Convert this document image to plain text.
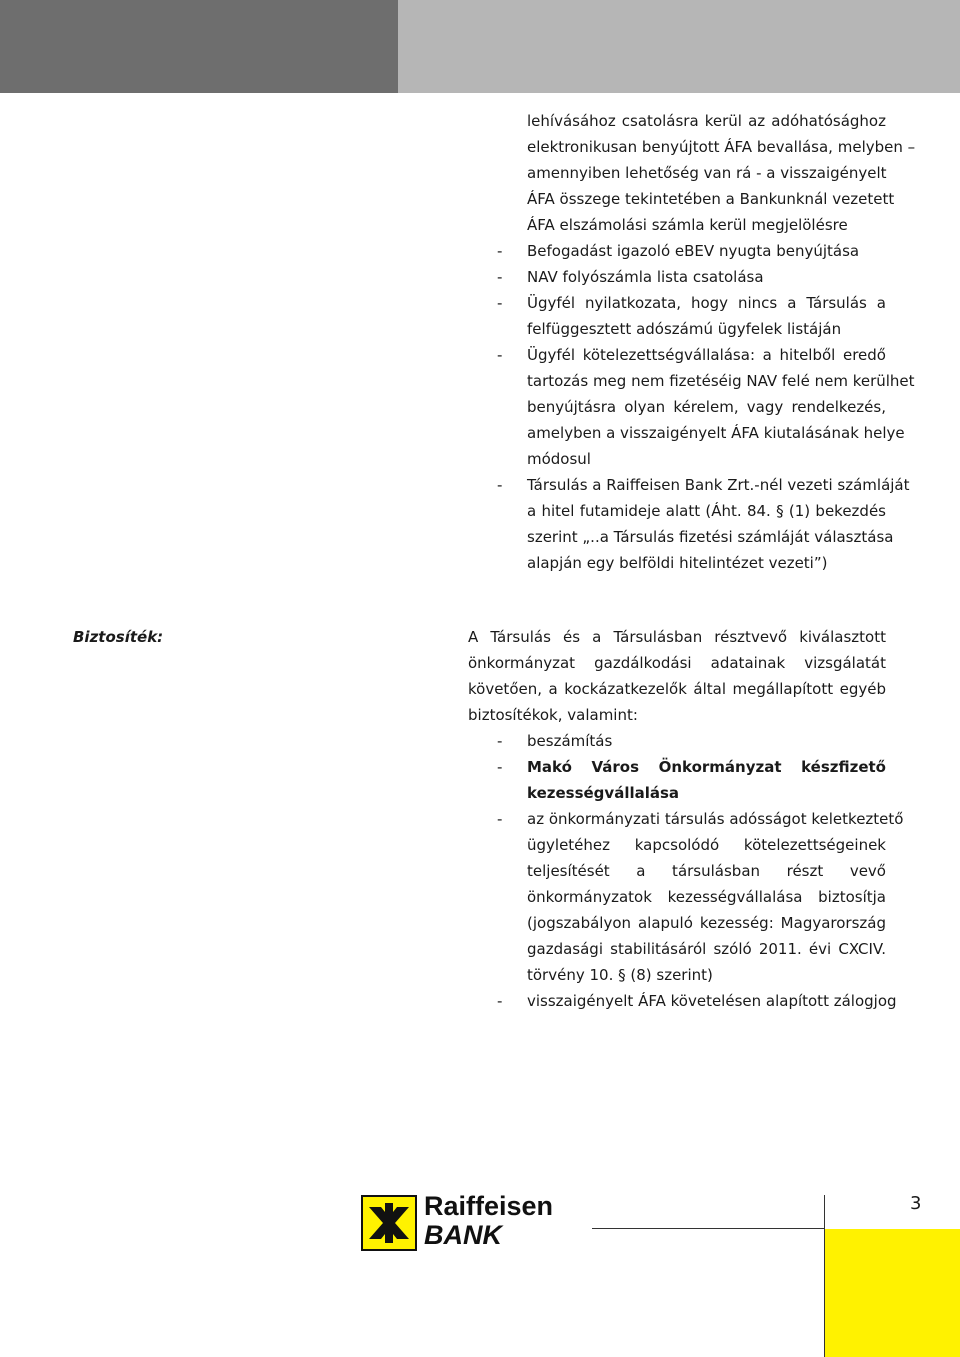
lehívásához csatolásra kerül az adóhatósághoz
elektronikusan benyújtott ÁFA bevallása, melyben –
amennyiben lehetőség van rá - a visszaigényelt
ÁFA összege tekintetében a Bankunknál vezetett
ÁFA elszámolási számla kerül megjelölésre
- Befogadást igazoló eBEV nyugta benyújtása
- NAV folyószámla lista csatolása
- Ügyfél nyilatkozata, hogy nincs a Társulás a
felfüggesztett adószámú ügyfelek listáján
- Ügyfél kötelezettségvállalása: a hitelből eredő
tartozás meg nem fizetéséig NAV felé nem kerülhet
benyújtásra olyan kérelem, vagy rendelkezés,
amelyben a visszaigényelt ÁFA kiutalásának helye
módosul
- Társulás a Raiffeisen Bank Zrt.-nél vezeti számláját
a hitel futamideje alatt (Áht. 84. § (1) bekezdés
szerint „..a Társulás fizetési számláját választása
alapján egy belföldi hitelintézet vezeti”)
Biztosíték:	A Társulás és a Társulásban résztvevő kiválasztott
önkormányzat gazdálkodási adatainak vizsgálatát
követően, a kockázatkezelők által megállapított egyéb
biztosítékok, valamint:
- beszámítás
- Makó Város Önkormányzat készfizető
kezességvállalása
- az önkormányzati társulás adósságot keletkeztető
ügyletéhez kapcsolódó kötelezettségeinek
teljesítését a társulásban részt vevő
önkormányzatok kezességvállalása biztosítja
(jogszabályon alapuló kezesség: Magyarország
gazdasági stabilitásáról szóló 2011. évi CXCIV.
törvény 10. § (8) szerint)
- visszaigényelt ÁFA követelésen alapított zálogjog
Raiffeisen
BANK
3
